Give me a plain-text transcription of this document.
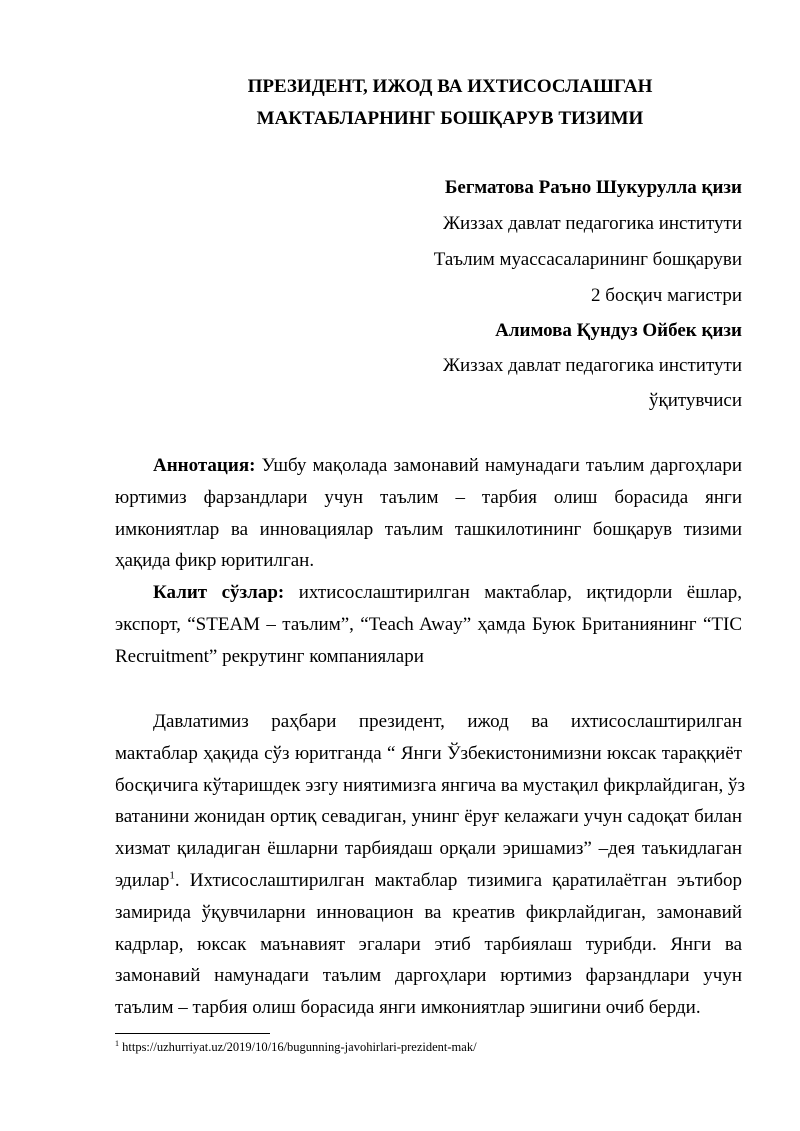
ПРЕЗИДЕНТ, ИЖОД ВА ИХТИСОСЛАШГАН
МАКТАБЛАРНИНГ БОШҚАРУВ ТИЗИМИ
Бегматова Раъно Шукурулла қизи
Жиззах давлат педагогика институти
Таълим муассасаларининг бошқаруви
2 босқич магистри
Алимова Қундуз Ойбек қизи
Жиззах давлат педагогика институти
ўқитувчиси
Аннотация: Ушбу мақолада замонавий намунадаги таълим даргоҳлари
юртимиз фарзандлари учун таълим – тарбия олиш борасида янги
имкониятлар ва инновациялар таълим ташкилотининг бошқарув тизими
ҳақида фикр юритилган.
Калит сўзлар: ихтисослаштирилган мактаблар, иқтидорли ёшлар,
экспорт, “STEAM – таълим”, “Teach Away” ҳамда Буюк Британиянинг “TIC
Recruitment” рекрутинг компаниялари
Давлатимиз раҳбари президент, ижод ва ихтисослаштирилган
мактаблар ҳақида сўз юритганда “ Янги Ўзбекистонимизни юксак тараққиёт
босқичига кўтаришдек эзгу ниятимизга янгича ва мустақил фикрлайдиган, ўз
ватанини жонидан ортиқ севадиган, унинг ёруғ келажаги учун садоқат билан
хизмат қиладиган ёшларни тарбиядаш орқали эришамиз” –дея таъкидлаган
эдилар$^1$. Ихтисослаштирилган мактаблар тизимига қаратилаётган эътибор
замирида ўқувчиларни инновацион ва креатив фикрлайдиган, замонавий
кадрлар, юксак маънавият эгалари этиб тарбиялаш турибди. Янги ва
замонавий намунадаги таълим даргоҳлари юртимиз фарзандлари учун
таълим – тарбия олиш борасида янги имкониятлар эшигини очиб берди.
$^1$ https://uzhurriyat.uz/2019/10/16/bugunning-javohirlari-prezident-mak/
